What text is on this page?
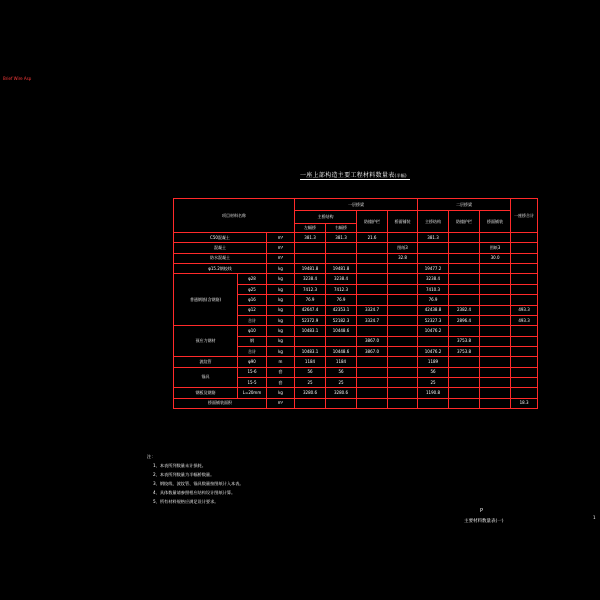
Brief Wire Asp
一座上部构造主要工程材料数量表(半幅)
项目材料名称			一层桥梁				二层桥梁			一座桥合计
			主桥结构		防撞护栏	桥面铺装	主桥结构	防撞护栏	桥面铺装	
			左幅桥	右幅桥						
C50混凝土		m³	381.3	381.3	21.6		381.3			
混凝土		m³				图纸3			图纸3	
防水混凝土		m³				32.8			30.0	
φ15.2钢绞线		kg	19481.8	19481.8			19477.2			
普通钢筋(含钢筋)	φ28	kg	3238.4	3238.4			3238.4			
	φ25	kg	7412.3	7412.3			7410.3			
	φ16	kg	76.9	76.9			76.9			
	φ12	kg	42647.4	42353.1	3324.7		42438.8	2382.4		493.3
	合计	kg	52372.9	52182.3	3324.7		52327.3	2896.4		493.3
预应力钢材	φ10	kg	10483.1	10448.6			10476.2			
	钢	kg			3867.0			3753.8		
	合计	kg	10483.1	10448.6	3867.0		10476.2	3753.8		
波纹管	φ90	m	1184	1184			1189			
锚具	15-6	套	56	56			56			
	15-5	套	25	25			25			
钢板及钢筋	L=20mm	kg	3280.6	3280.6			1190.8			
桥面铺装面积		m²								18.3
注：
1、本表所列数量未计损耗。
2、本表所列数量为半幅桥数量。
3、钢绞线、波纹管、锚具数量按图纸计入本表。
4、具体数量请参照相应结构设计图纸计算。
5、所有材料规格应满足设计要求。
P
主要材料数量表(一)
1
